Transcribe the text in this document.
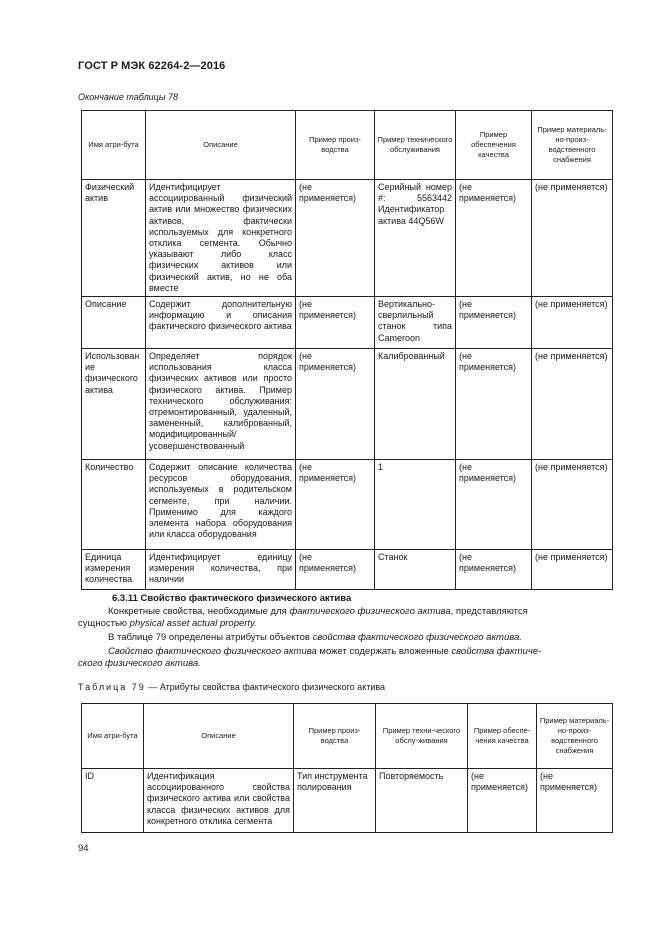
ГОСТ Р МЭК 62264-2—2016
Окончание таблицы 78
Имя атри-бута	Описание	Пример произ-водства	Пример технического обслуживания	Пример обеспечения качества	Пример материаль-но-произ-водственного снабжения
Физический актив	Идентифицирует ассоциированный физический актив или множество физических активов, фактически используемых для конкретного отклика сегмента. Обычно указывают либо класс физических активов или физический актив, но не оба вместе	(не применяется)	Серийный номер #: 5563442 Идентификатор актива 44Q56W	(не применяется)	(не применяется)
Описание	Содержит дополнительную информацию и описания фактического физического актива	(не применяется)	Вертикально-сверлильный станок типа Cameroon	(не применяется)	(не применяется)
Использование физического актива	Определяет порядок использования класса физических активов или просто физического актива. Пример технического обслуживания: отремонтированный, удаленный, замененный, калиброванный, модифицированный/усовершенствованный	(не применяется)	Калиброванный	(не применяется)	(не применяется)
Количество	Содержит описание количества ресурсов оборудования, используемых в родительском сегменте, при наличии. Применимо для каждого элемента набора оборудования или класса оборудования	(не применяется)	1	(не применяется)	(не применяется)
Единица измерения количества	Идентифицирует единицу измерения количества, при наличии	(не применяется)	Станок	(не применяется)	(не применяется)
6.3.11 Свойство фактического физического актива
Конкретные свойства, необходимые для фактического физического актива, представляются
сущностью physical asset actual property.
В таблице 79 определены атрибуты объектов свойства фактического физического актива.
Свойство фактического физического актива может содержать вложенные свойства фактиче-
ского физического актива.
Таблица 79 — Атрибуты свойства фактического физического актива
Имя атри-бута	Описание	Пример произ-водства	Пример техни-ческого обслу-живания	Пример обеспе-чения качества	Пример материаль-но-произ-водственного снабжения
ID	Идентификация ассоциированного свойства физического актива или свойства класса физических активов для конкретного отклика сегмента	Тип инструмента полирования	Повторяемость	(не применяется)	(не применяется)
94
